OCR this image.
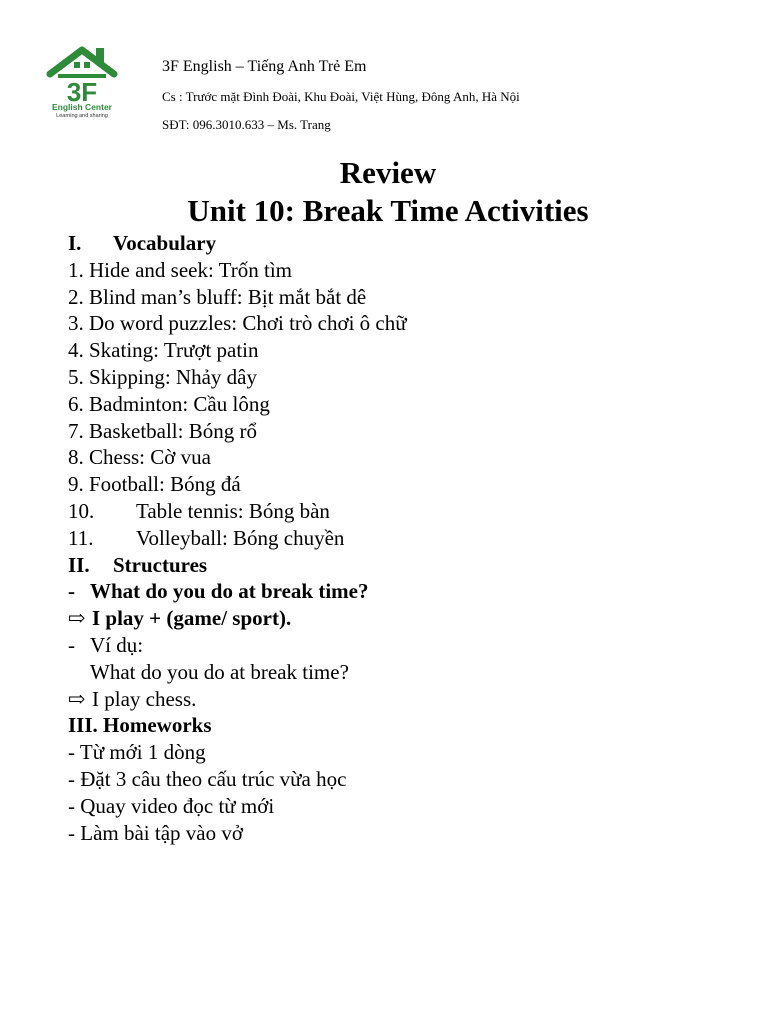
3F
English Center
Learning and sharing
3F English – Tiếng Anh Trẻ Em
Cs : Trước mặt Đình Đoài, Khu Đoài, Việt Hùng, Đông Anh, Hà Nội
SĐT: 096.3010.633 – Ms. Trang
Review
Unit 10: Break Time Activities
I. Vocabulary
1. Hide and seek: Trốn tìm
2. Blind man’s bluff: Bịt mắt bắt dê
3. Do word puzzles: Chơi trò chơi ô chữ
4. Skating: Trượt patin
5. Skipping: Nhảy dây
6. Badminton: Cầu lông
7. Basketball: Bóng rổ
8. Chess: Cờ vua
9. Football: Bóng đá
10. Table tennis: Bóng bàn
11. Volleyball: Bóng chuyền
II. Structures
- What do you do at break time?
⇨ I play + (game/ sport).
- Ví dụ:
What do you do at break time?
⇨ I play chess.
III. Homeworks
- Từ mới 1 dòng
- Đặt 3 câu theo cấu trúc vừa học
- Quay video đọc từ mới
- Làm bài tập vào vở
